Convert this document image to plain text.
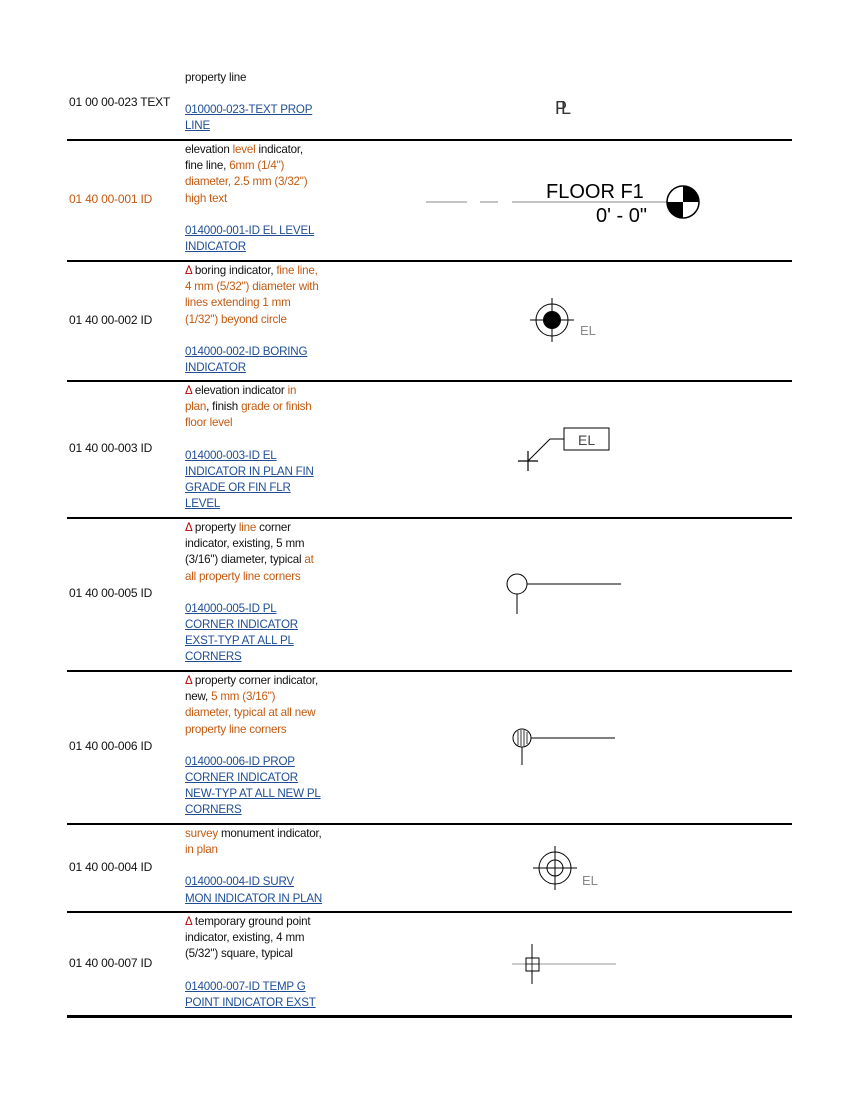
01 00 00-023 TEXT
property line
010000-023-TEXT PROP
LINE
PL
01 40 00-001 ID
elevation level indicator,
fine line, 6mm (1/4")
diameter, 2.5 mm (3/32")
high text
014000-001-ID EL LEVEL
INDICATOR
FLOOR F1
0' - 0"
01 40 00-002 ID
Δ boring indicator, fine line,
4 mm (5/32") diameter with
lines extending 1 mm
(1/32") beyond circle
014000-002-ID BORING
INDICATOR
EL
01 40 00-003 ID
Δ elevation indicator in
plan, finish grade or finish
floor level
014000-003-ID EL
INDICATOR IN PLAN FIN
GRADE OR FIN FLR
LEVEL
EL
01 40 00-005 ID
Δ property line corner
indicator, existing, 5 mm
(3/16") diameter, typical at
all property line corners
014000-005-ID PL
CORNER INDICATOR
EXST-TYP AT ALL PL
CORNERS
01 40 00-006 ID
Δ property corner indicator,
new, 5 mm (3/16")
diameter, typical at all new
property line corners
014000-006-ID PROP
CORNER INDICATOR
NEW-TYP AT ALL NEW PL
CORNERS
01 40 00-004 ID
survey monument indicator,
in plan
014000-004-ID SURV
MON INDICATOR IN PLAN
EL
01 40 00-007 ID
Δ temporary ground point
indicator, existing, 4 mm
(5/32") square, typical
014000-007-ID TEMP G
POINT INDICATOR EXST
